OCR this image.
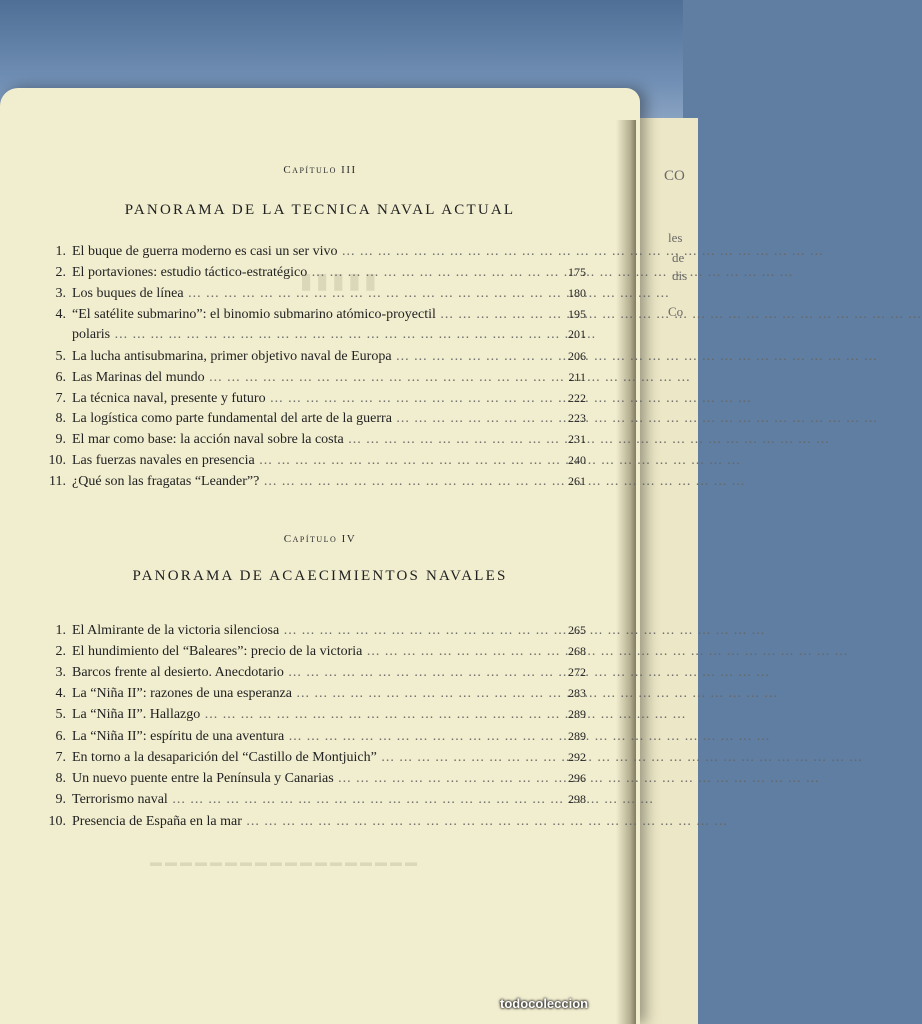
CO
les
de
dis
Co
▮▮▮▮▮
▬▬▬▬▬▬▬▬▬▬▬▬▬▬▬▬▬▬
Capítulo III
PANORAMA DE LA TECNICA NAVAL ACTUAL
1. El buque de guerra moderno es casi un ser vivo ... .
2. El portaviones: estudio táctico-estratégico ... .	175
3. Los buques de línea ... .	180
4. “El satélite submarino”: el binomio submarino atómico-proyectil ... .	195
polaris ... .	201
5. La lucha antisubmarina, primer objetivo naval de Europa ... .	206
6. Las Marinas del mundo ... .	211
7. La técnica naval, presente y futuro ... .	222
8. La logística como parte fundamental del arte de la guerra ... .	223
9. El mar como base: la acción naval sobre la costa ... .	231
10. Las fuerzas navales en presencia ... .	240
11. ¿Qué son las fragatas “Leander”? ... .	261
Capítulo IV
PANORAMA DE ACAECIMIENTOS NAVALES
1. El Almirante de la victoria silenciosa ... .	265
2. El hundimiento del “Baleares”: precio de la victoria ... .	268
3. Barcos frente al desierto. Anecdotario ... .	272
4. La “Niña II”: razones de una esperanza ... .	283
5. La “Niña II”. Hallazgo ... .	289
6. La “Niña II”: espíritu de una aventura ... .	289
7. En torno a la desaparición del “Castillo de Montjuich” ... .	292
8. Un nuevo puente entre la Península y Canarias ... .	296
9. Terrorismo naval ... .	298
10. Presencia de España en la mar ... .
todocoleccion
